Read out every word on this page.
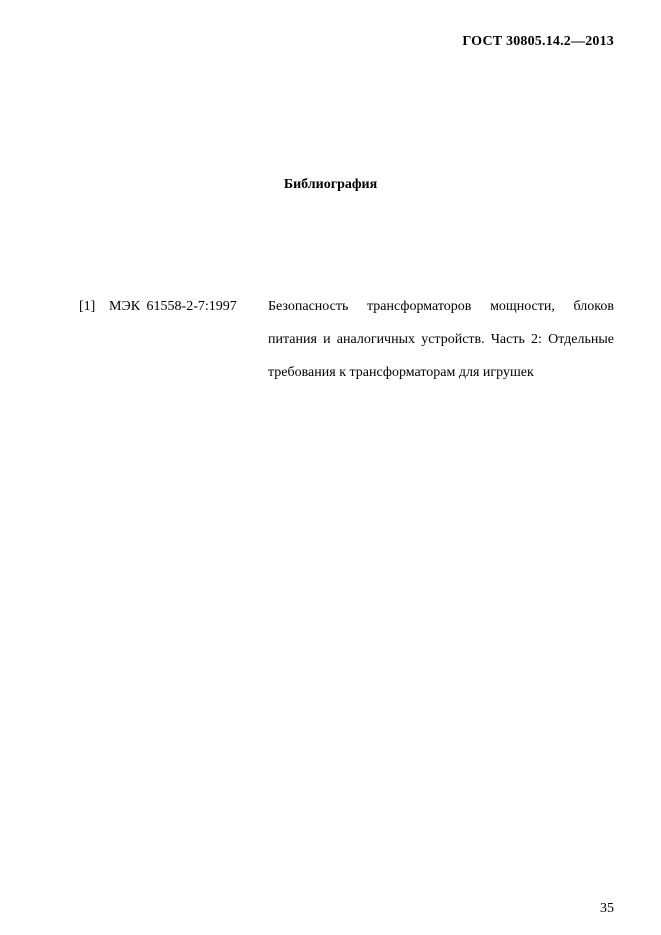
ГОСТ 30805.14.2—2013
Библиография
[1] МЭК 61558-2-7:1997 Безопасность трансформаторов мощности, блоков питания и аналогичных устройств. Часть 2: Отдельные требования к трансформаторам для игрушек
35
